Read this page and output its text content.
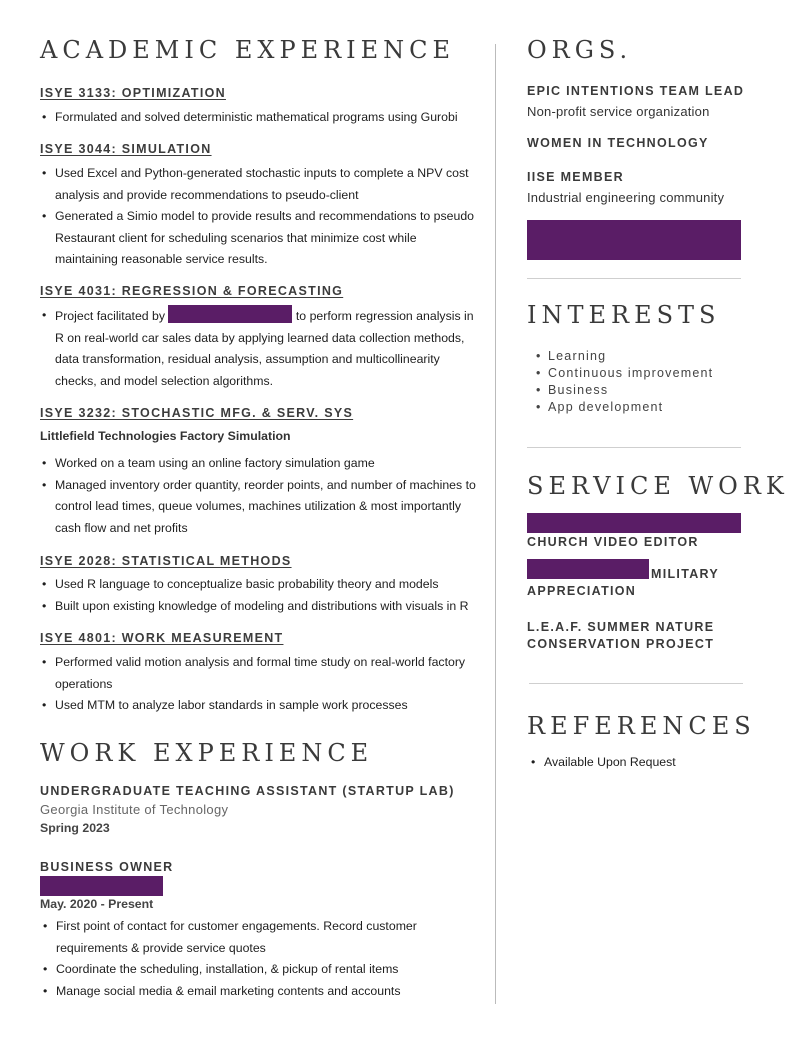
ACADEMIC EXPERIENCE
ISYE 3133: OPTIMIZATION
• Formulated and solved deterministic mathematical programs using Gurobi
ISYE 3044: SIMULATION
• Used Excel and Python-generated stochastic inputs to complete a NPV cost analysis and provide recommendations to pseudo-client
• Generated a Simio model to provide results and recommendations to pseudo Restaurant client for scheduling scenarios that minimize cost while maintaining reasonable service results.
ISYE 4031: REGRESSION & FORECASTING
• Project facilitated by	to perform regression analysis in R on real-world car sales data by applying learned data collection methods, data transformation, residual analysis, assumption and multicollinearity checks, and model selection algorithms.
ISYE 3232: STOCHASTIC MFG. & SERV. SYS
Littlefield Technologies Factory Simulation
• Worked on a team using an online factory simulation game
• Managed inventory order quantity, reorder points, and number of machines to control lead times, queue volumes, machines utilization & most importantly cash flow and net profits
ISYE 2028: STATISTICAL METHODS
• Used R language to conceptualize basic probability theory and models
• Built upon existing knowledge of modeling and distributions with visuals in R
ISYE 4801: WORK MEASUREMENT
• Performed valid motion analysis and formal time study on real-world factory operations
• Used MTM to analyze labor standards in sample work processes
WORK EXPERIENCE
UNDERGRADUATE TEACHING ASSISTANT (STARTUP LAB)
Georgia Institute of Technology
Spring 2023
BUSINESS OWNER
May. 2020 - Present
• First point of contact for customer engagements. Record customer requirements & provide service quotes
• Coordinate the scheduling, installation, & pickup of rental items
• Manage social media & email marketing contents and accounts
ORGS.
EPIC INTENTIONS TEAM LEAD
Non-profit service organization
WOMEN IN TECHNOLOGY
IISE MEMBER
Industrial engineering community
INTERESTS
• Learning
• Continuous improvement
• Business
• App development
SERVICE WORK
CHURCH VIDEO EDITOR
MILITARY
APPRECIATION
L.E.A.F. SUMMER NATURE CONSERVATION PROJECT
REFERENCES
• Available Upon Request
